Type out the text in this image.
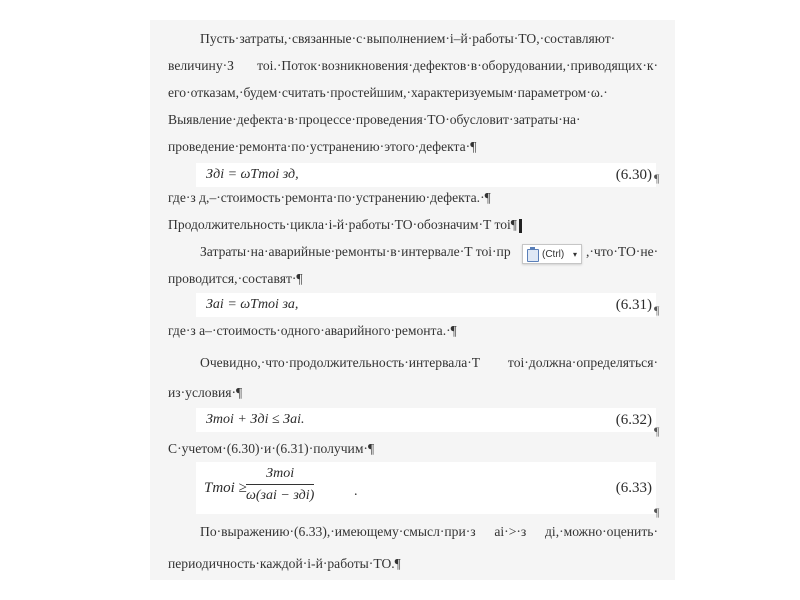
Пусть·затраты,·связанные·с·выполнением·i–й·работы·ТО,·составляют·
величину·З тоi.·Поток·возникновения·дефектов·в·оборудовании,·приводящих·к·
его·отказам,·будем·считать·простейшим,·характеризуемым·параметром·ω.·
Выявление·дефекта·в·процессе·проведения·ТО·обусловит·затраты·на·
проведение·ремонта·по·устранению·этого·дефекта·¶
Здi = ωTтоi зд,	(6.30) ¶
где·з д,–·стоимость·ремонта·по·устранению·дефекта.·¶
Продолжительность·цикла·i-й·работы·ТО·обозначим·T тоi¶
Затраты·на·аварийные·ремонты·в·интервале·T тоi·пр	,·что·ТО·не·
(Ctrl) ▾
проводится,·составят·¶
Зai = ωTтоi за,	(6.31) ¶
где·з а–·стоимость·одного·аварийного·ремонта.·¶
Очевидно,·что·продолжительность·интервала·T тоi·должна·определяться·
из·условия·¶
Зтоi + Здi ≤ Заi.	(6.32)
¶
С·учетом·(6.30)·и·(6.31)·получим·¶
Tтоi ≥
Зтоi
ω(заi − здi)	.	(6.33)
¶
По·выражению·(6.33),·имеющему·смысл·при·з аi·>·з дi,·можно·оценить·
периодичность·каждой·i-й·работы·ТО.¶
